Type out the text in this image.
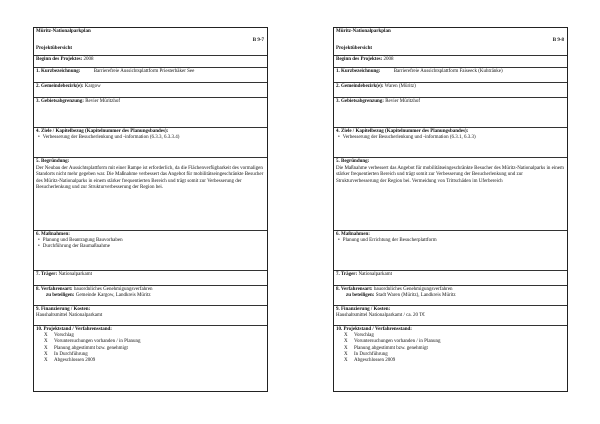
Müritz-Nationalparkplan
B 9-7
Projektübersicht
Beginn des Projektes: 2008
1. Kurzbezeichnung:	Barrierefreie Aussichtsplattform Priesterbäker See
2. Gemeindebezirk(e): Kargow
3. Gebietsabgrenzung: Revier Müritzhof
4. Ziele / Kapitelbezug (Kapitelnummer des Planungsbandes):
• Verbesserung der Besucherlenkung und -information (6.3.3, 6.3.3.4)
5. Begründung:
Der Neubau der Aussichtsplattform mit einer Rampe ist erforderlich, da die Flächenverfügbarkeit des vormaligen Standorts nicht mehr gegeben war. Die Maßnahme verbessert das Angebot für mobilitätseingeschränkte Besucher des Müritz-Nationalparks in einem stärker frequentierten Bereich und trägt somit zur Verbesserung der Besucherlenkung und zur Strukturverbesserung der Region bei.
6. Maßnahmen:
• Planung und Beantragung Bauvorhaben
• Durchführung der Baumaßnahme
7. Träger: Nationalparkamt
8. Verfahrensart: bauordnliches Genehmigungsverfahren
zu beteiligen: Gemeinde Kargow, Landkreis Müritz
9. Finanzierung / Kosten:
Haushaltsmittel Nationalparkamt
10. Projektstand / Verfahrensstand:
X Vorschlag
X Voruntersuchungen vorhanden / in Planung
X Planung abgestimmt bzw. genehmigt
X In Durchführung
X Abgeschlossen 2009
Müritz-Nationalparkplan
B 9-8
Projektübersicht
Beginn des Projektes: 2008
1. Kurzbezeichnung:	Barrierefreie Aussichtsplattform Faiseeck (Kuhtränke)
2. Gemeindebezirk(e): Waren (Müritz)
3. Gebietsabgrenzung: Revier Müritzhof
4. Ziele / Kapitelbezug (Kapitelnummer des Planungsbandes):
• Verbesserung der Besucherlenkung und -information (6.3.1, 6.3.3)
5. Begründung:
Die Maßnahme verbessert das Angebot für mobilitätseingeschränkte Besucher des Müritz-Nationalparks in einem stärker frequentierten Bereich und trägt somit zur Verbesserung der Besucherlenkung und zur Strukturverbesserung der Region bei. Vermeidung von Trittschäden im Uferbereich
6. Maßnahmen:
• Planung und Errichtung der Besucherplattform
7. Träger: Nationalparkamt
8. Verfahrensart: bauordnliches Genehmigungsverfahren
zu beteiligen: Stadt Waren (Müritz), Landkreis Müritz
9. Finanzierung / Kosten:
Haushaltsmittel Nationalparkamt / ca. 20 T€
10. Projektstand / Verfahrensstand:
X Vorschlag
X Voruntersuchungen vorhanden / in Planung
X Planung abgestimmt bzw. genehmigt
X In Durchführung
X Abgeschlossen 2009
